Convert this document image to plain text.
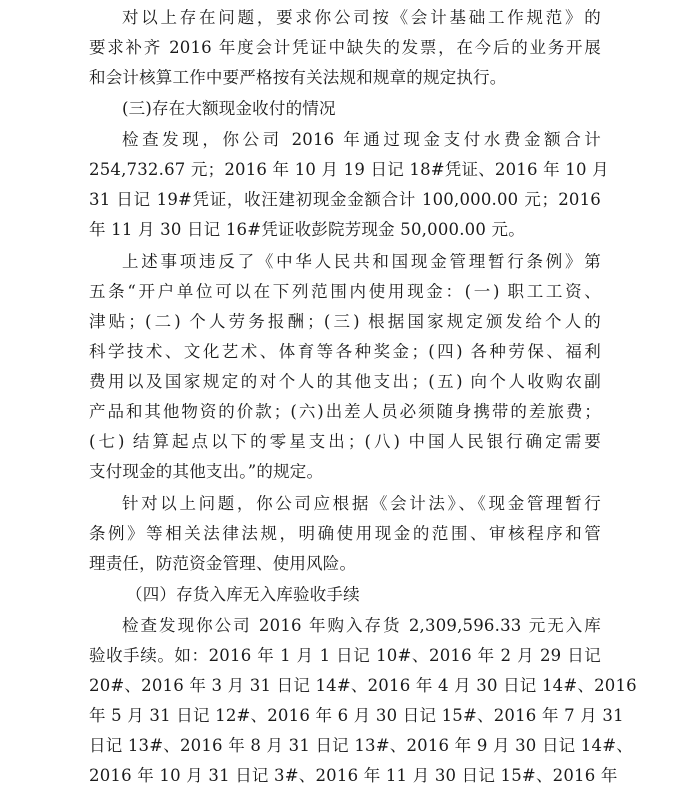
对以上存在问题，要求你公司按《会计基础工作规范》的
要求补齐 2016 年度会计凭证中缺失的发票，在今后的业务开展
和会计核算工作中要严格按有关法规和规章的规定执行。
(三)存在大额现金收付的情况
检查发现，你公司 2016 年通过现金支付水费金额合计
254,732.67 元；2016 年 10 月 19 日记 18#凭证、2016 年 10 月
31 日记 19#凭证，收汪建初现金金额合计 100,000.00 元；2016
年 11 月 30 日记 16#凭证收彭院芳现金 50,000.00 元。
上述事项违反了《中华人民共和国现金管理暂行条例》第
五条“开户单位可以在下列范围内使用现金：(一) 职工工资、
津贴；(二) 个人劳务报酬；(三) 根据国家规定颁发给个人的
科学技术、文化艺术、体育等各种奖金；(四) 各种劳保、福利
费用以及国家规定的对个人的其他支出；(五) 向个人收购农副
产品和其他物资的价款；(六)出差人员必须随身携带的差旅费；
(七) 结算起点以下的零星支出；(八) 中国人民银行确定需要
支付现金的其他支出。”的规定。
针对以上问题，你公司应根据《会计法》、《现金管理暂行
条例》等相关法律法规，明确使用现金的范围、审核程序和管
理责任，防范资金管理、使用风险。
（四）存货入库无入库验收手续
检查发现你公司 2016 年购入存货 2,309,596.33 元无入库
验收手续。如：2016 年 1 月 1 日记 10#、2016 年 2 月 29 日记
20#、2016 年 3 月 31 日记 14#、2016 年 4 月 30 日记 14#、2016
年 5 月 31 日记 12#、2016 年 6 月 30 日记 15#、2016 年 7 月 31
日记 13#、2016 年 8 月 31 日记 13#、2016 年 9 月 30 日记 14#、
2016 年 10 月 31 日记 3#、2016 年 11 月 30 日记 15#、2016 年
